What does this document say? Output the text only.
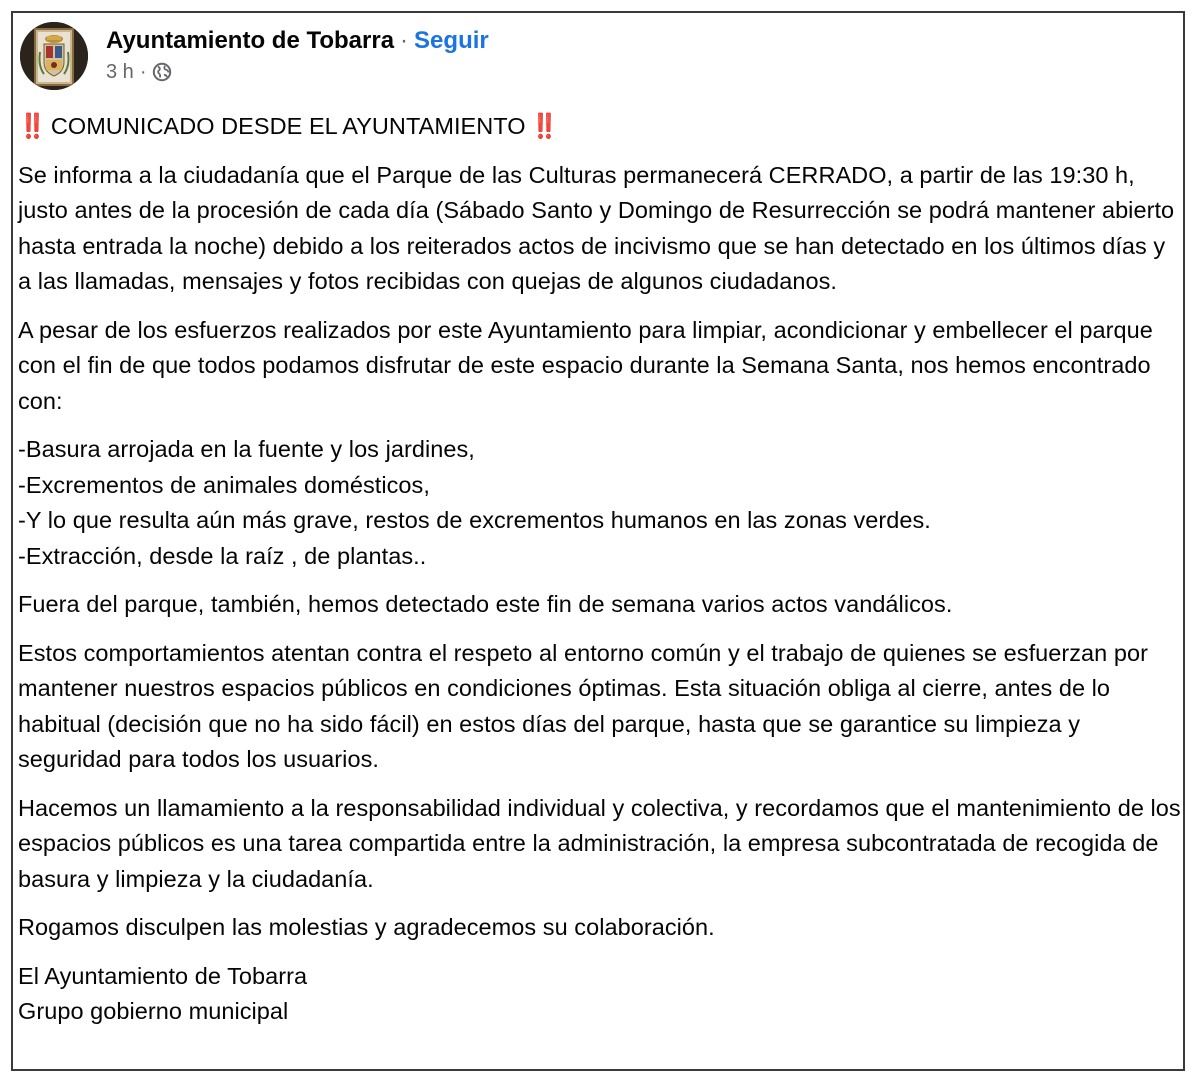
Ayuntamiento de Tobarra · Seguir
3 h ·
‼️ COMUNICADO DESDE EL AYUNTAMIENTO ‼️
Se informa a la ciudadanía que el Parque de las Culturas permanecerá CERRADO, a partir de las 19:30 h, justo antes de la procesión de cada día (Sábado Santo y Domingo de Resurrección se podrá mantener abierto hasta entrada la noche) debido a los reiterados actos de incivismo que se han detectado en los últimos días y a las llamadas, mensajes y fotos recibidas con quejas de algunos ciudadanos.
A pesar de los esfuerzos realizados por este Ayuntamiento para limpiar, acondicionar y embellecer el parque con el fin de que todos podamos disfrutar de este espacio durante la Semana Santa, nos hemos encontrado con:
-Basura arrojada en la fuente y los jardines,
-Excrementos de animales domésticos,
-Y lo que resulta aún más grave, restos de excrementos humanos en las zonas verdes.
-Extracción, desde la raíz , de plantas..
Fuera del parque, también, hemos detectado este fin de semana varios actos vandálicos.
Estos comportamientos atentan contra el respeto al entorno común y el trabajo de quienes se esfuerzan por mantener nuestros espacios públicos en condiciones óptimas. Esta situación obliga al cierre, antes de lo habitual (decisión que no ha sido fácil) en estos días del parque, hasta que se garantice su limpieza y seguridad para todos los usuarios.
Hacemos un llamamiento a la responsabilidad individual y colectiva, y recordamos que el mantenimiento de los espacios públicos es una tarea compartida entre la administración, la empresa subcontratada de recogida de basura y limpieza y la ciudadanía.
Rogamos disculpen las molestias y agradecemos su colaboración.
El Ayuntamiento de Tobarra
Grupo gobierno municipal
